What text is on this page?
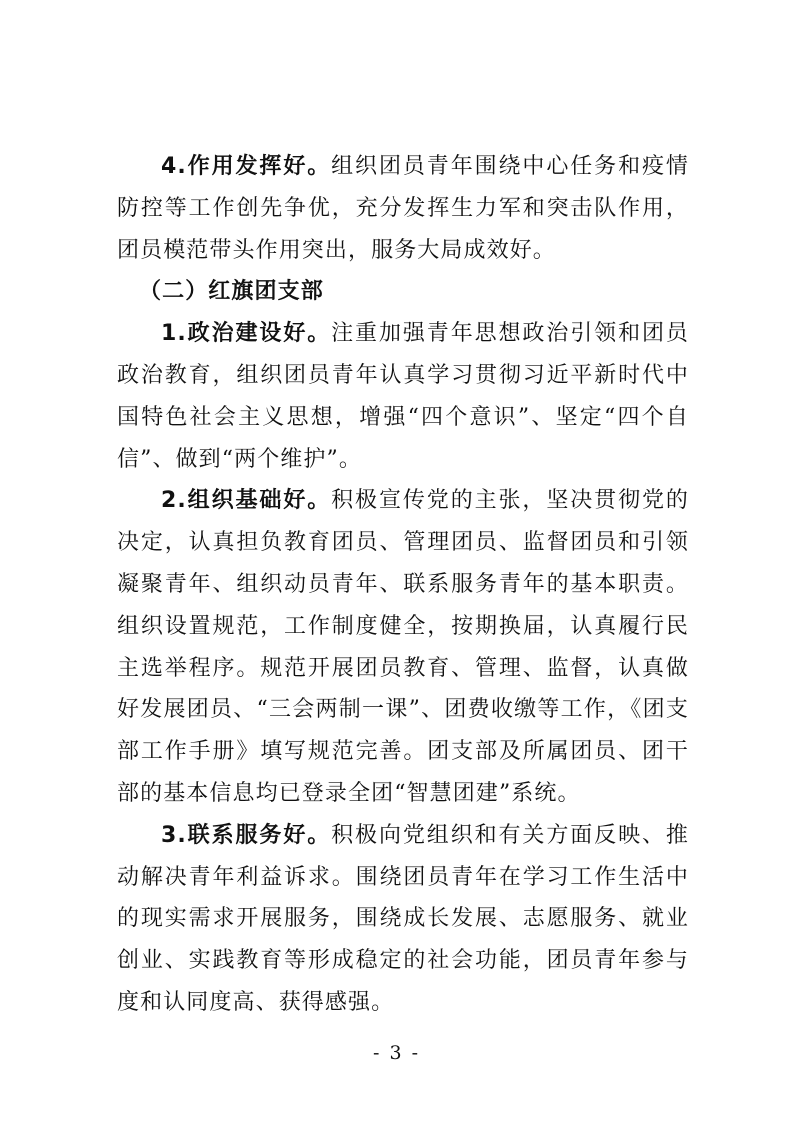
4.作用发挥好。组织团员青年围绕中心任务和疫情防控等工作创先争优，充分发挥生力军和突击队作用，团员模范带头作用突出，服务大局成效好。

（二）红旗团支部

1.政治建设好。注重加强青年思想政治引领和团员政治教育，组织团员青年认真学习贯彻习近平新时代中国特色社会主义思想，增强“四个意识”、坚定“四个自信”、做到“两个维护”。

2.组织基础好。积极宣传党的主张，坚决贯彻党的决定，认真担负教育团员、管理团员、监督团员和引领凝聚青年、组织动员青年、联系服务青年的基本职责。组织设置规范，工作制度健全，按期换届，认真履行民主选举程序。规范开展团员教育、管理、监督，认真做好发展团员、“三会两制一课”、团费收缴等工作，《团支部工作手册》填写规范完善。团支部及所属团员、团干部的基本信息均已登录全团“智慧团建”系统。

3.联系服务好。积极向党组织和有关方面反映、推动解决青年利益诉求。围绕团员青年在学习工作生活中的现实需求开展服务，围绕成长发展、志愿服务、就业创业、实践教育等形成稳定的社会功能，团员青年参与度和认同度高、获得感强。

- 3 -
